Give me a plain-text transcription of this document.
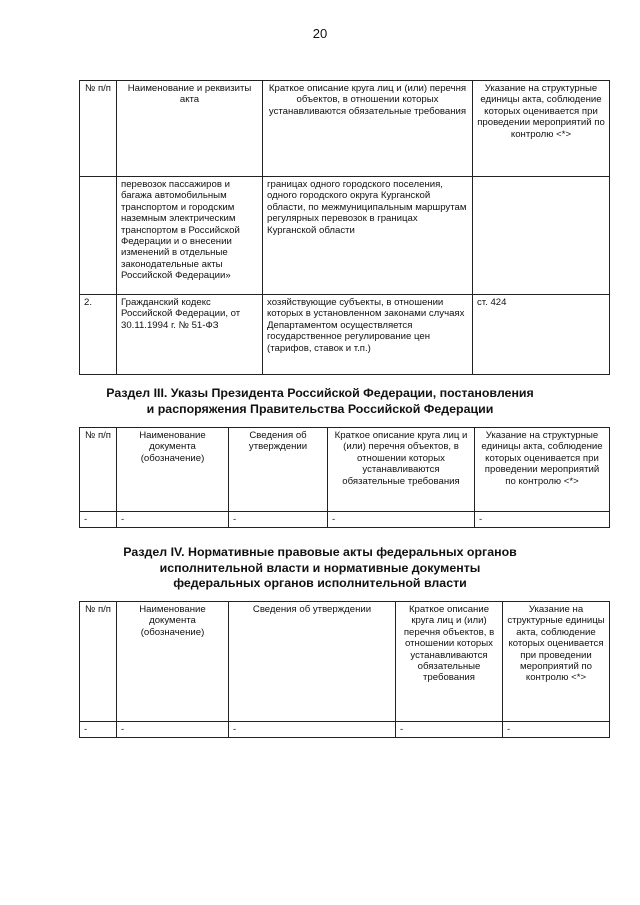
20
№ п/п	Наименование и реквизиты акта	Краткое описание круга лиц и (или) перечня объектов, в отношении которых устанавливаются обязательные требования	Указание на структурные единицы акта, соблюдение которых оценивается при проведении мероприятий по контролю <*>
	перевозок пассажиров и багажа автомобильным транспортом и городским наземным электрическим транспортом в Российской Федерации и о внесении изменений в отдельные законодательные акты Российской Федерации»	границах одного городского поселения, одного городского округа Курганской области, по межмуниципальным маршрутам регулярных перевозок в границах Курганской области	
2.	Гражданский кодекс Российской Федерации, от 30.11.1994 г. № 51-ФЗ	хозяйствующие субъекты, в отношении которых в установленном законами случаях Департаментом осуществляется государственное регулирование цен (тарифов, ставок и т.п.)	ст. 424
Раздел III. Указы Президента Российской Федерации, постановления
и распоряжения Правительства Российской Федерации
№ п/п	Наименование документа (обозначение)	Сведения об утверждении	Краткое описание круга лиц и (или) перечня объектов, в отношении которых устанавливаются обязательные требования	Указание на структурные единицы акта, соблюдение которых оценивается при проведении мероприятий по контролю <*>
-	-	-	-	-
Раздел IV. Нормативные правовые акты федеральных органов
исполнительной власти и нормативные документы
федеральных органов исполнительной власти
№ п/п	Наименование документа (обозначение)	Сведения об утверждении	Краткое описание круга лиц и (или) перечня объектов, в отношении которых устанавливаются обязательные требования	Указание на структурные единицы акта, соблюдение которых оценивается при проведении мероприятий по контролю <*>
-	-	-	-	-
